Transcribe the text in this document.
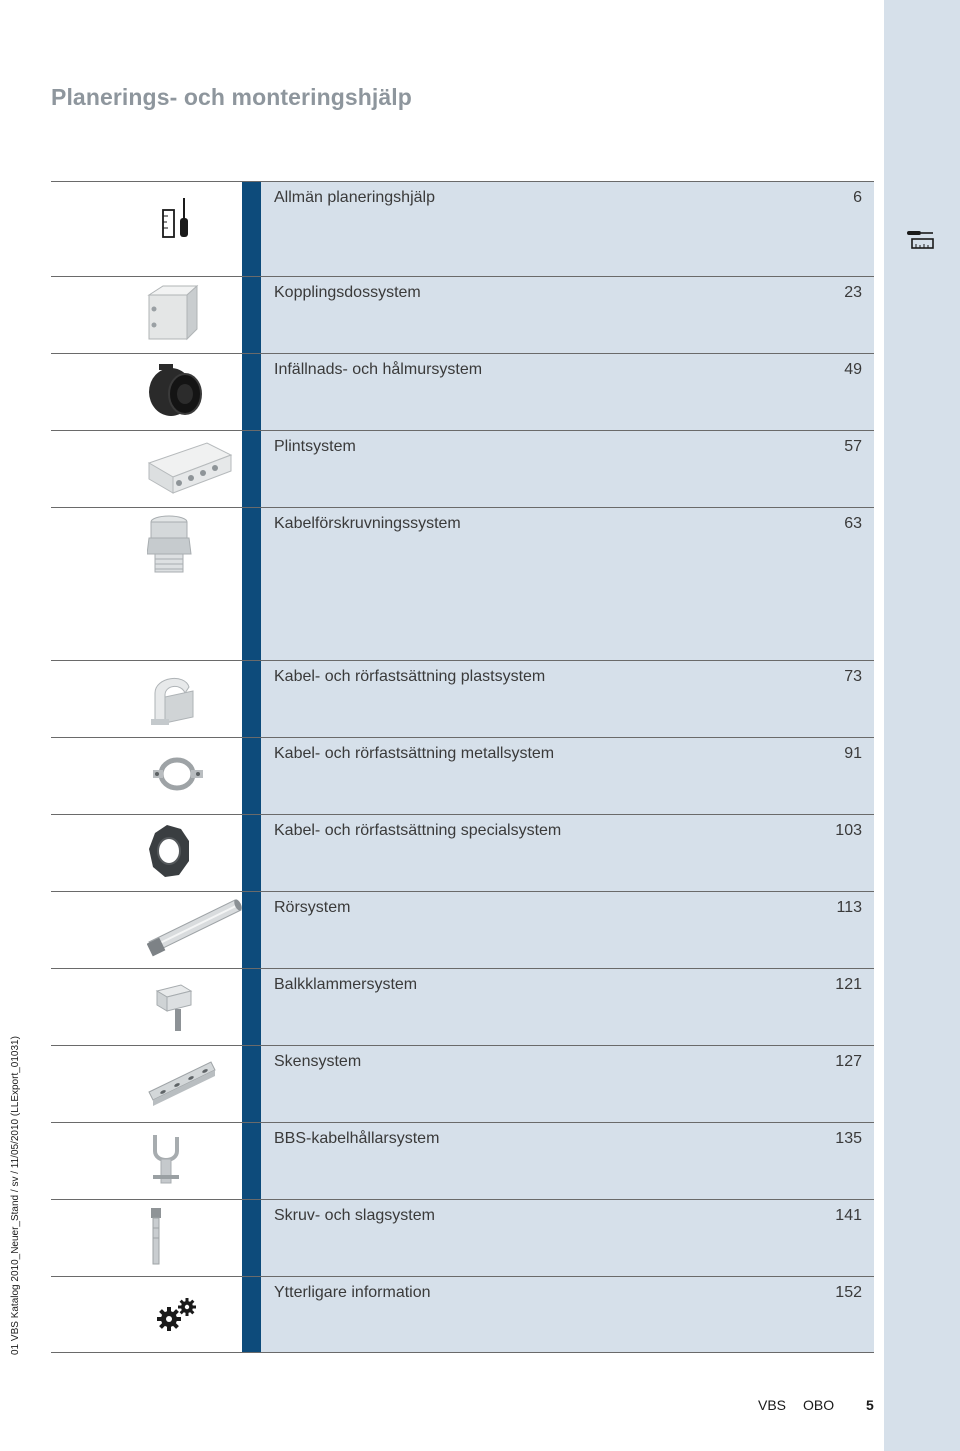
Planerings- och monteringshjälp
01 VBS Katalog 2010_Neuer_Stand / sv / 11/05/2010 (LLExport_01031)
Allmän planeringshjälp	6
Kopplingsdossystem	23
Infällnads- och hålmursystem	49
Plintsystem	57
Kabelförskruvningssystem	63
Kabel- och rörfastsättning plastsystem	73
Kabel- och rörfastsättning metallsystem	91
Kabel- och rörfastsättning specialsystem	103
Rörsystem	113
Balkklammersystem	121
Skensystem	127
BBS-kabelhållarsystem	135
Skruv- och slagsystem	141
Ytterligare information	152
VBS OBO 5
